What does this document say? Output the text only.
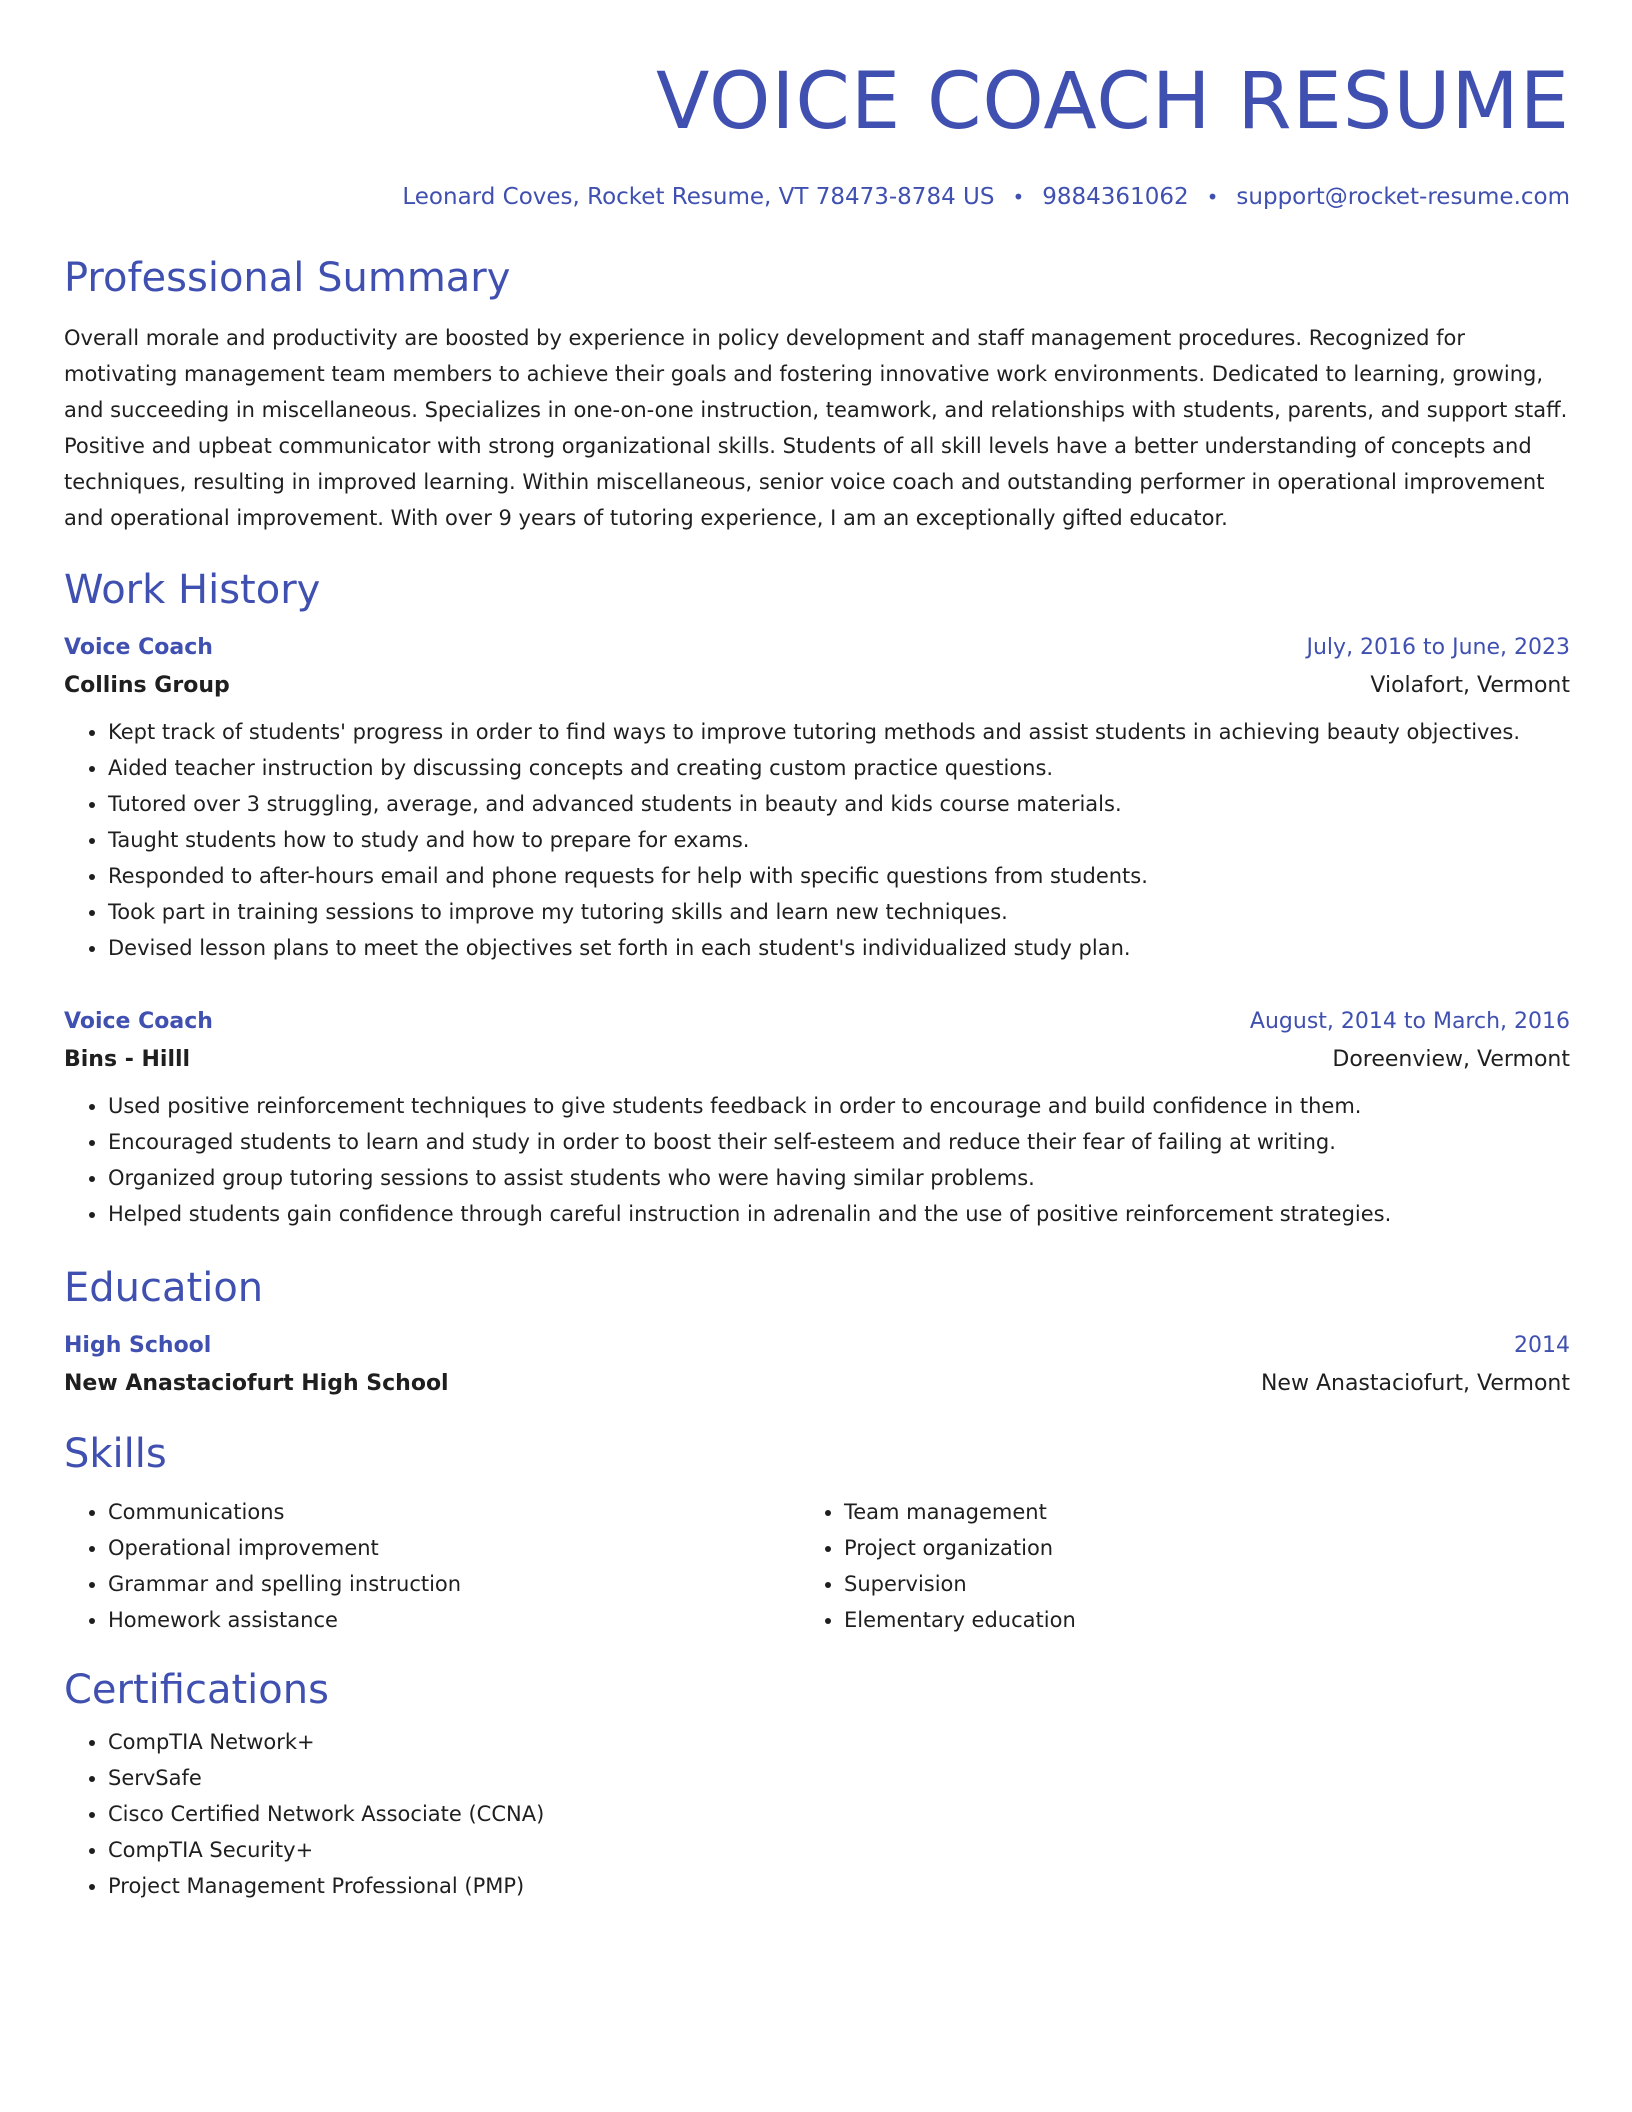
VOICE COACH RESUME
Leonard Coves, Rocket Resume, VT 78473-8784 US • 9884361062 • support@rocket-resume.com
Professional Summary
Overall morale and productivity are boosted by experience in policy development and staff management procedures. Recognized for motivating management team members to achieve their goals and fostering innovative work environments. Dedicated to learning, growing, and succeeding in miscellaneous. Specializes in one-on-one instruction, teamwork, and relationships with students, parents, and support staff. Positive and upbeat communicator with strong organizational skills. Students of all skill levels have a better understanding of concepts and techniques, resulting in improved learning. Within miscellaneous, senior voice coach and outstanding performer in operational improvement and operational improvement. With over 9 years of tutoring experience, I am an exceptionally gifted educator.
Work History
Voice Coach	July, 2016 to June, 2023
Collins Group	Violafort, Vermont
• Kept track of students' progress in order to find ways to improve tutoring methods and assist students in achieving beauty objectives.
• Aided teacher instruction by discussing concepts and creating custom practice questions.
• Tutored over 3 struggling, average, and advanced students in beauty and kids course materials.
• Taught students how to study and how to prepare for exams.
• Responded to after-hours email and phone requests for help with specific questions from students.
• Took part in training sessions to improve my tutoring skills and learn new techniques.
• Devised lesson plans to meet the objectives set forth in each student's individualized study plan.
Voice Coach	August, 2014 to March, 2016
Bins - Hilll	Doreenview, Vermont
• Used positive reinforcement techniques to give students feedback in order to encourage and build confidence in them.
• Encouraged students to learn and study in order to boost their self-esteem and reduce their fear of failing at writing.
• Organized group tutoring sessions to assist students who were having similar problems.
• Helped students gain confidence through careful instruction in adrenalin and the use of positive reinforcement strategies.
Education
High School	2014
New Anastaciofurt High School	New Anastaciofurt, Vermont
Skills
• Communications
• Operational improvement
• Grammar and spelling instruction
• Homework assistance
• Team management
• Project organization
• Supervision
• Elementary education
Certifications
• CompTIA Network+
• ServSafe
• Cisco Certified Network Associate (CCNA)
• CompTIA Security+
• Project Management Professional (PMP)
